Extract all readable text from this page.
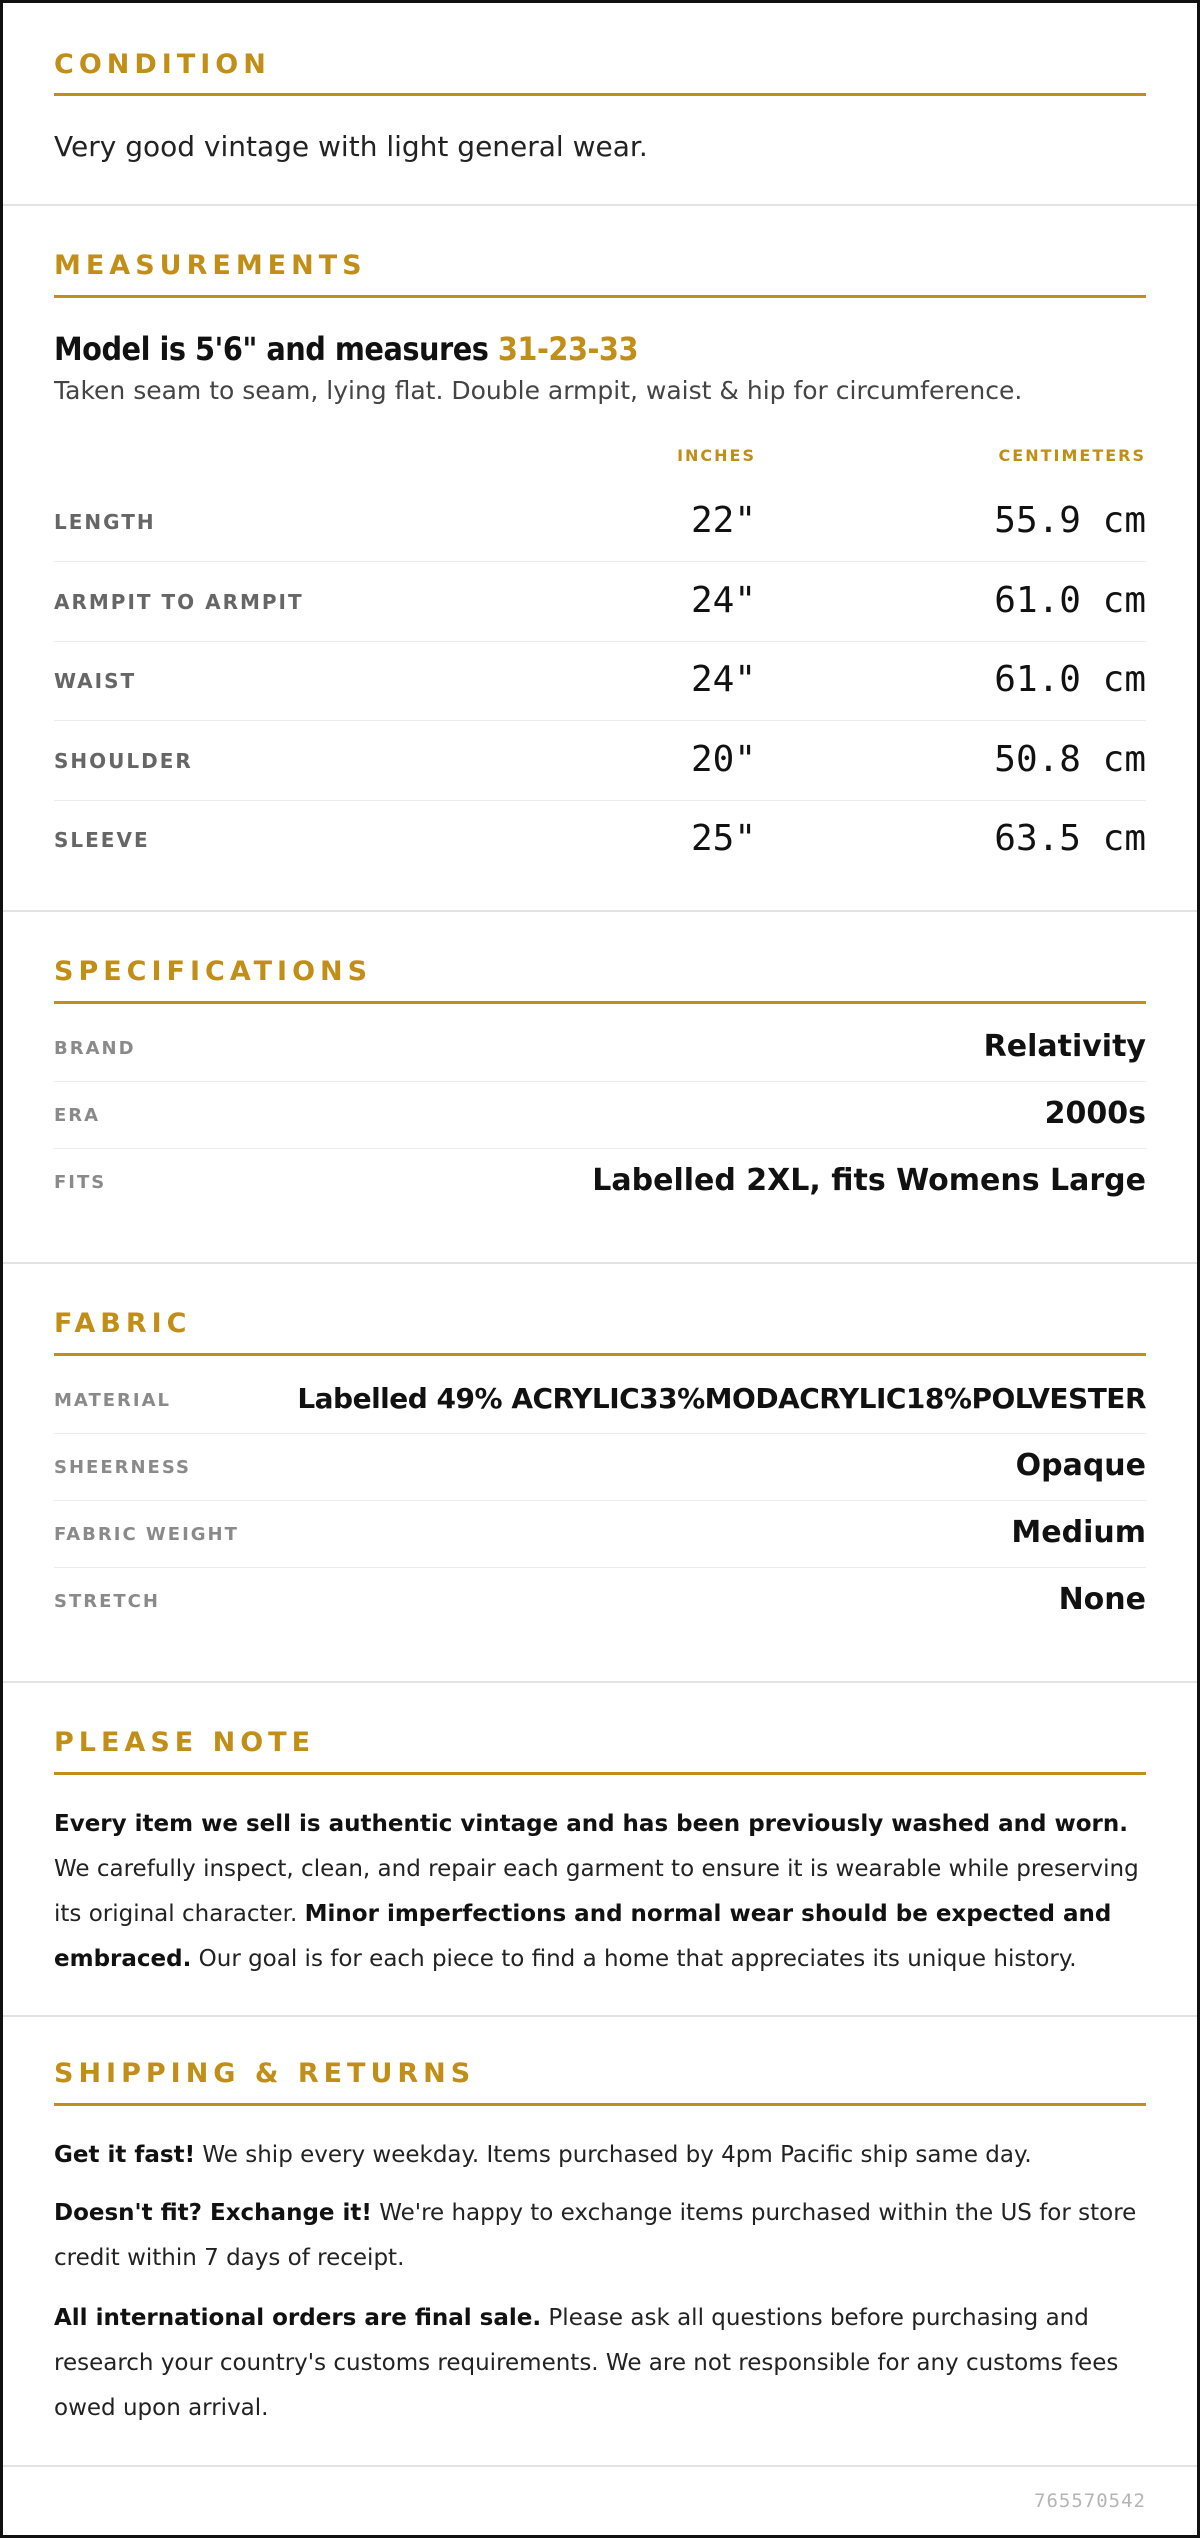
CONDITION
Very good vintage with light general wear.
MEASUREMENTS
Model is 5'6" and measures 31-23-33
Taken seam to seam, lying flat. Double armpit, waist & hip for circumference.
INCHES	CENTIMETERS
LENGTH	22"	55.9 cm
ARMPIT TO ARMPIT	24"	61.0 cm
WAIST	24"	61.0 cm
SHOULDER	20"	50.8 cm
SLEEVE	25"	63.5 cm
SPECIFICATIONS
BRAND	Relativity
ERA	2000s
FITS	Labelled 2XL, fits Womens Large
FABRIC
MATERIAL	Labelled 49% ACRYLIC33%MODACRYLIC18%POLVESTER
SHEERNESS	Opaque
FABRIC WEIGHT	Medium
STRETCH	None
PLEASE NOTE
Every item we sell is authentic vintage and has been previously washed and worn. We carefully inspect, clean, and repair each garment to ensure it is wearable while preserving its original character. Minor imperfections and normal wear should be expected and embraced. Our goal is for each piece to find a home that appreciates its unique history.
SHIPPING & RETURNS
Get it fast! We ship every weekday. Items purchased by 4pm Pacific ship same day.
Doesn't fit? Exchange it! We're happy to exchange items purchased within the US for store credit within 7 days of receipt.
All international orders are final sale. Please ask all questions before purchasing and research your country's customs requirements. We are not responsible for any customs fees owed upon arrival.
765570542
